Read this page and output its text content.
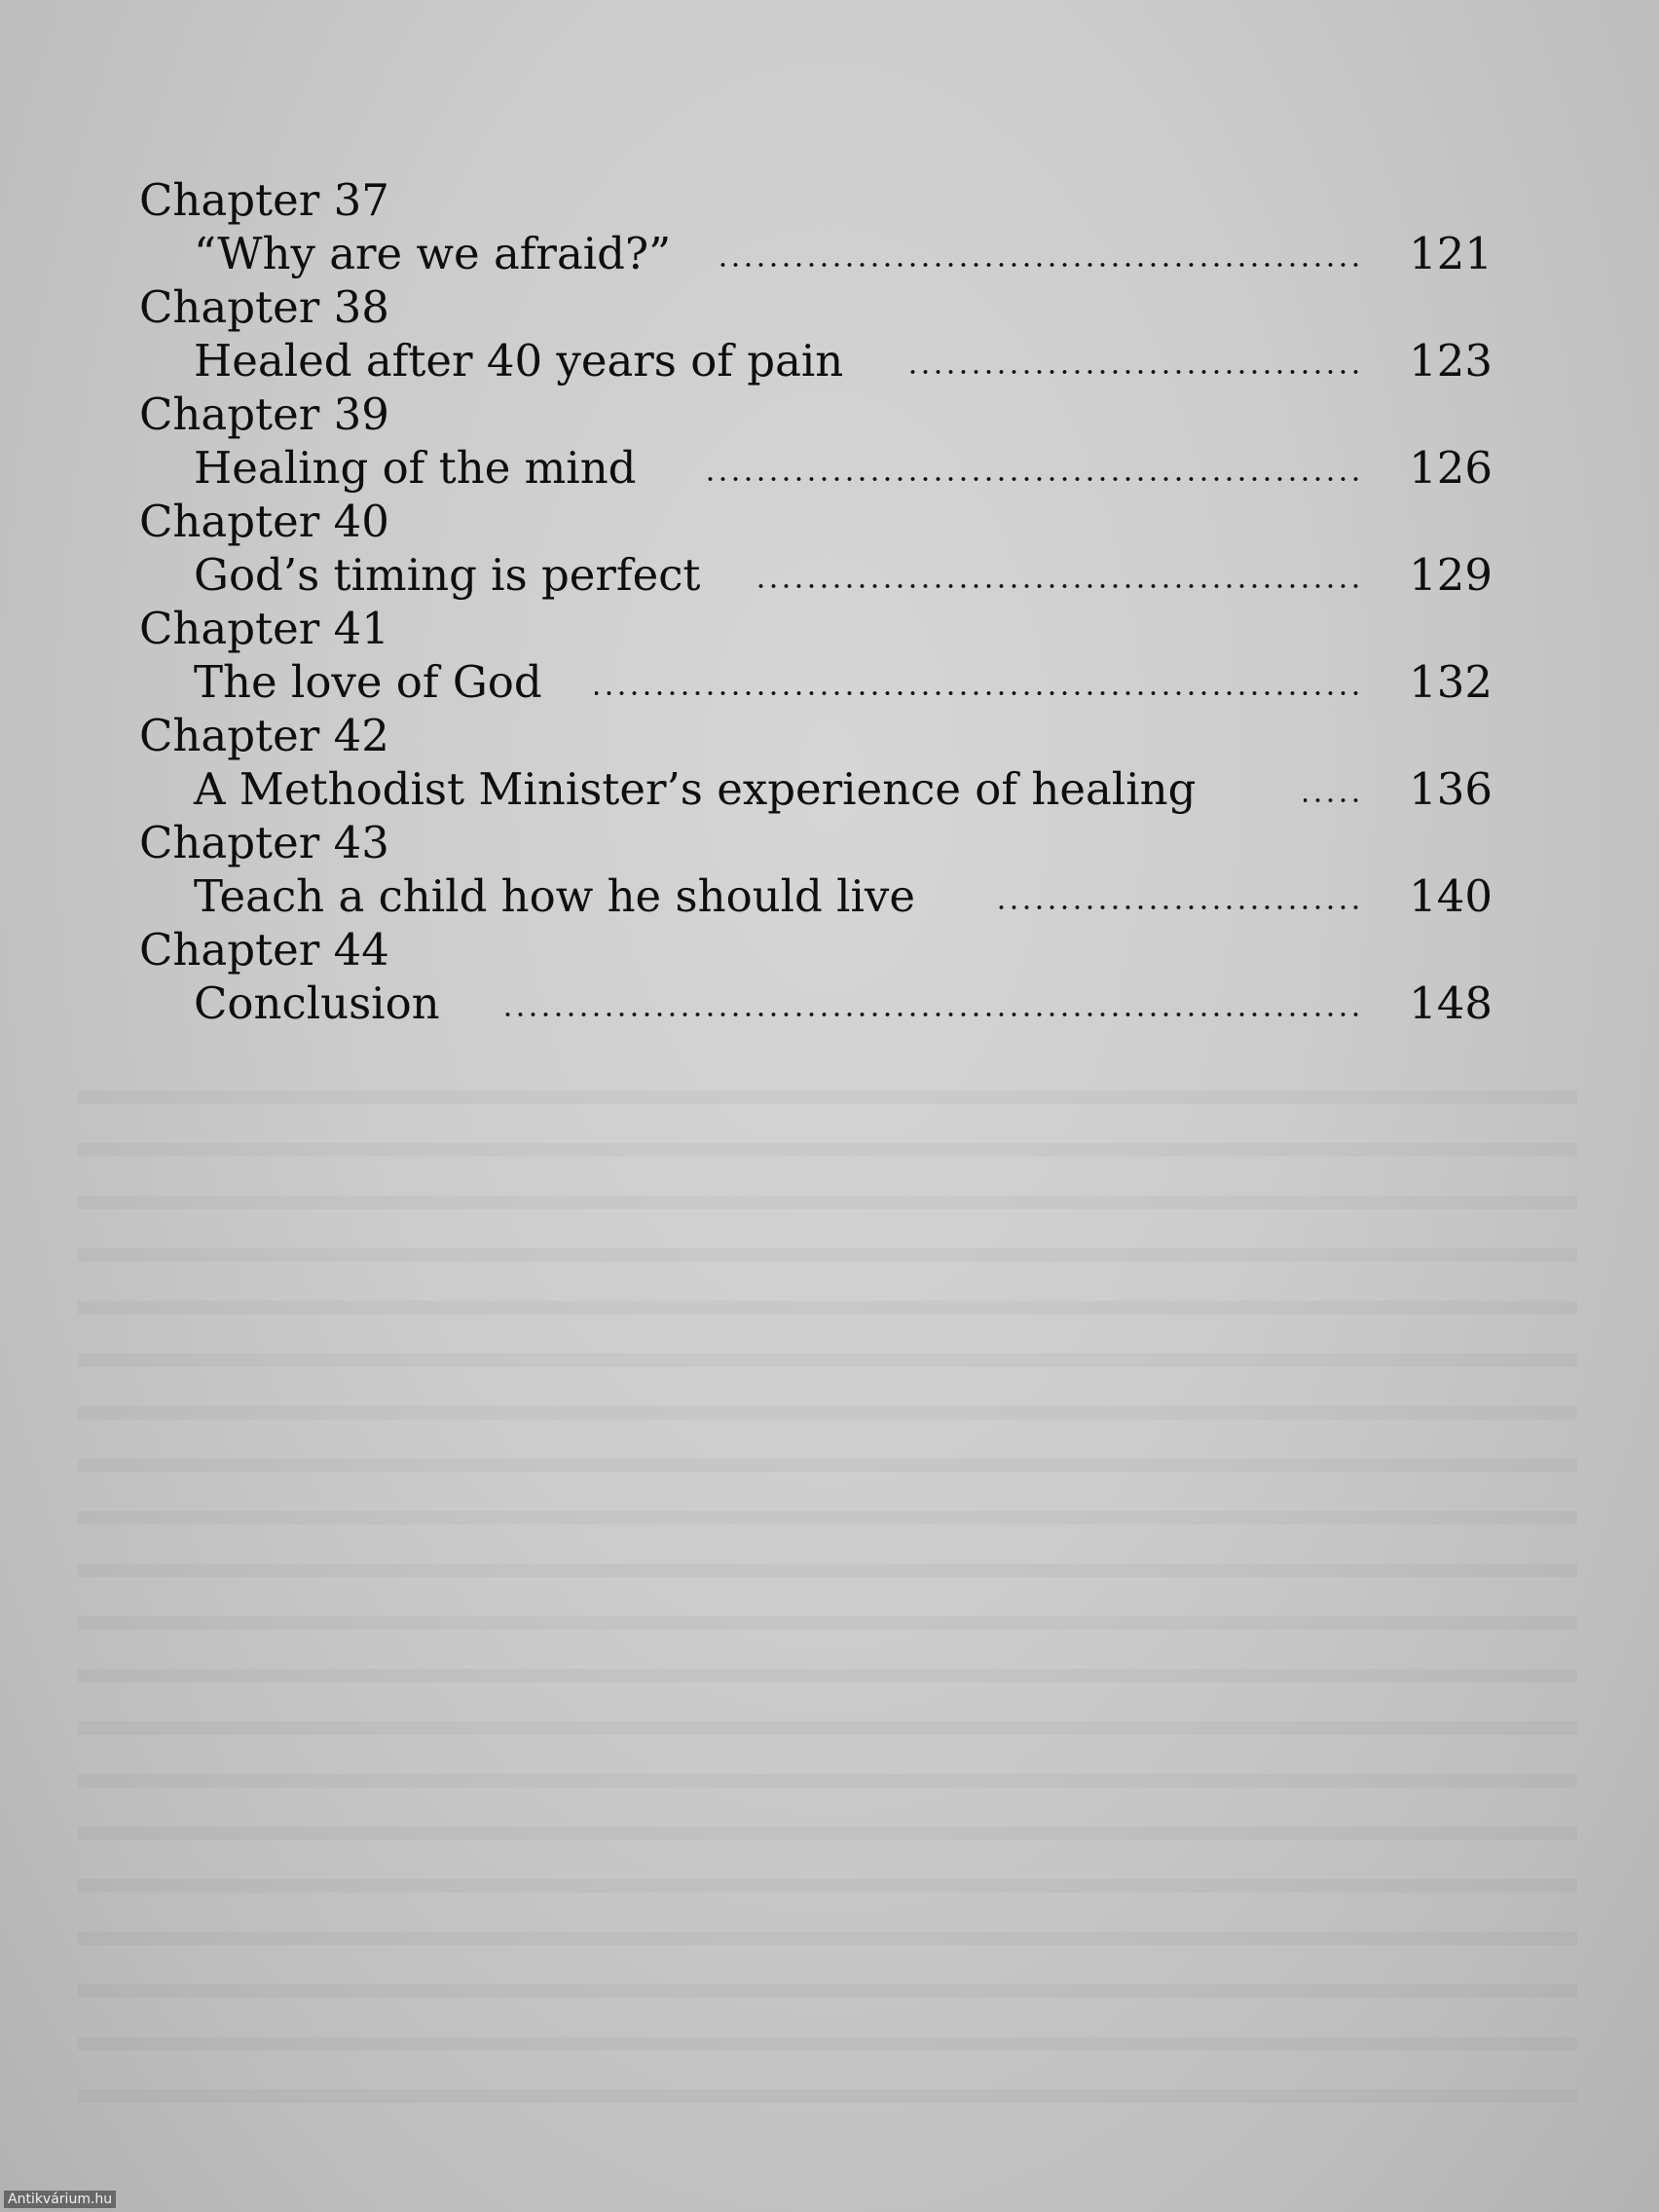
Chapter 37
“Why are we afraid?”	121
Chapter 38
Healed after 40 years of pain	123
Chapter 39
Healing of the mind	126
Chapter 40
God’s timing is perfect	129
Chapter 41
The love of God	132
Chapter 42
A Methodist Minister’s experience of healing	136
Chapter 43
Teach a child how he should live	140
Chapter 44
Conclusion	148
Antikvárium.hu
